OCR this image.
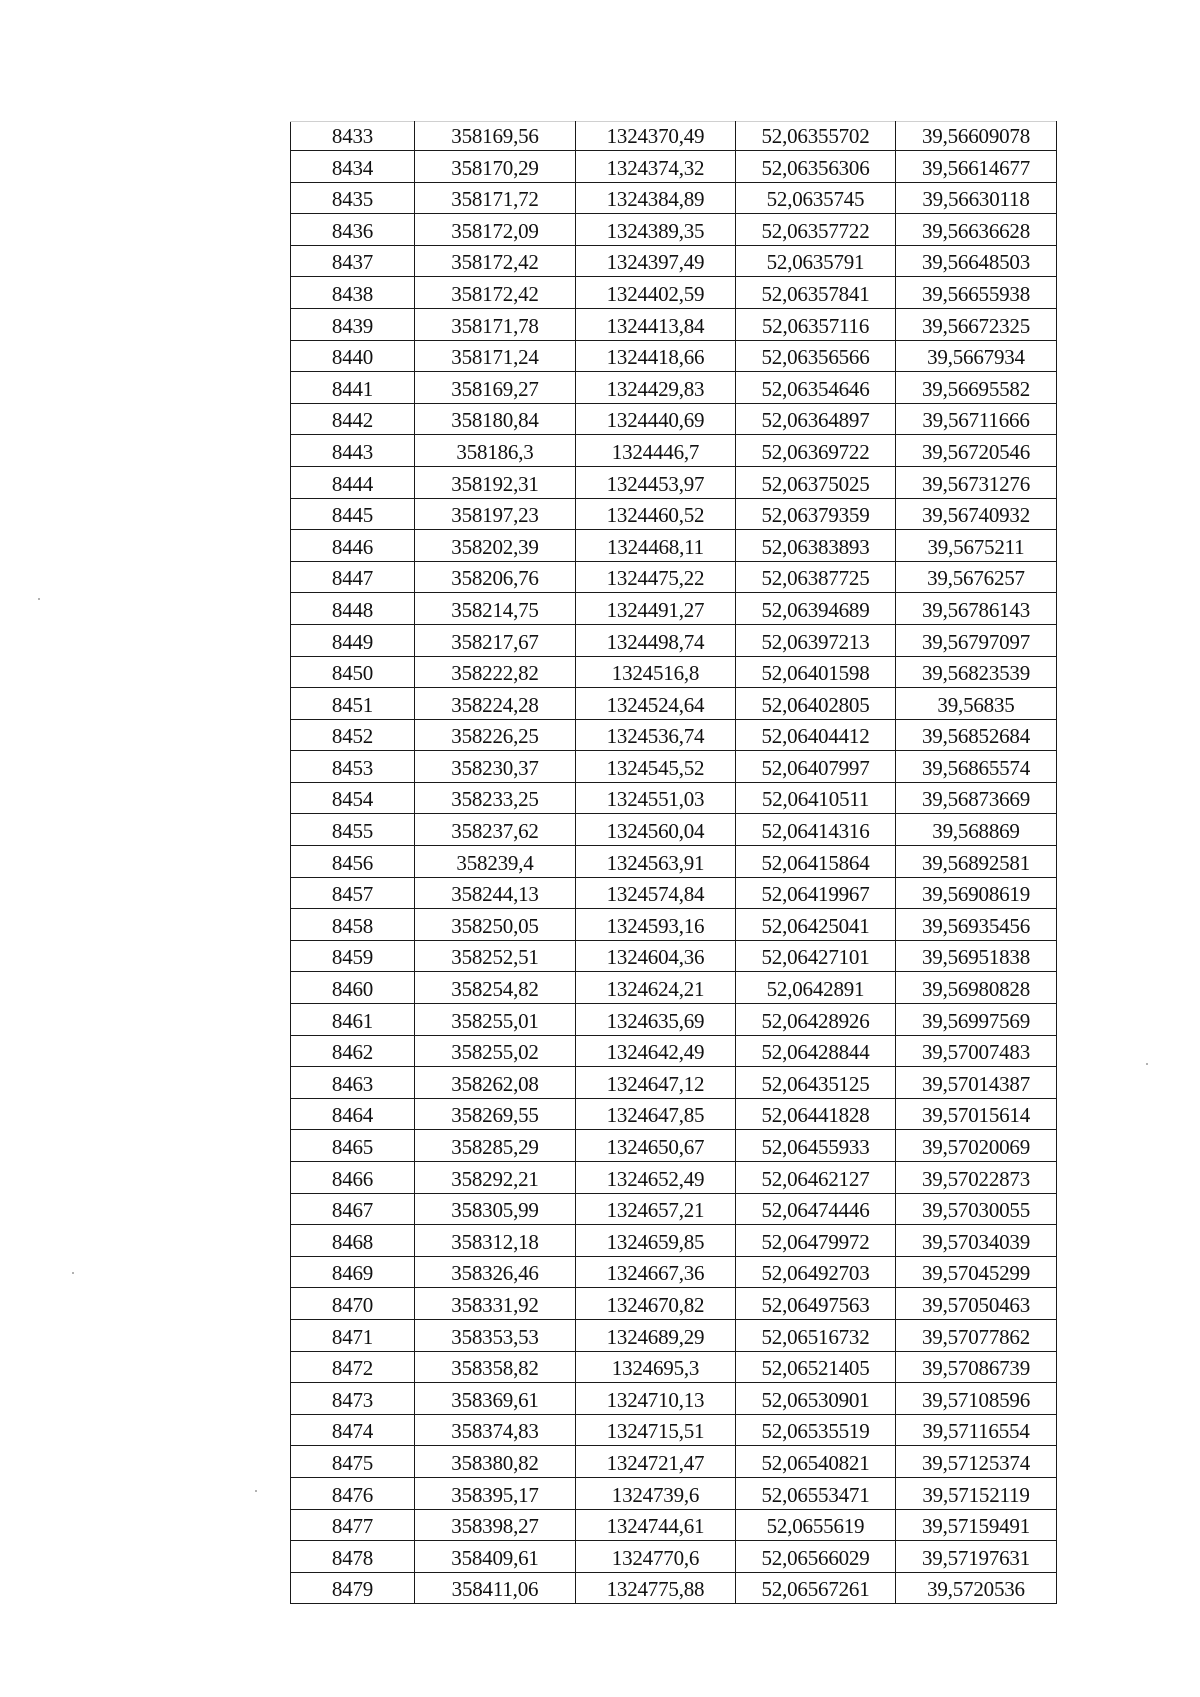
8433	358169,56	1324370,49	52,06355702	39,56609078
8434	358170,29	1324374,32	52,06356306	39,56614677
8435	358171,72	1324384,89	52,0635745	39,56630118
8436	358172,09	1324389,35	52,06357722	39,56636628
8437	358172,42	1324397,49	52,0635791	39,56648503
8438	358172,42	1324402,59	52,06357841	39,56655938
8439	358171,78	1324413,84	52,06357116	39,56672325
8440	358171,24	1324418,66	52,06356566	39,5667934
8441	358169,27	1324429,83	52,06354646	39,56695582
8442	358180,84	1324440,69	52,06364897	39,56711666
8443	358186,3	1324446,7	52,06369722	39,56720546
8444	358192,31	1324453,97	52,06375025	39,56731276
8445	358197,23	1324460,52	52,06379359	39,56740932
8446	358202,39	1324468,11	52,06383893	39,5675211
8447	358206,76	1324475,22	52,06387725	39,5676257
8448	358214,75	1324491,27	52,06394689	39,56786143
8449	358217,67	1324498,74	52,06397213	39,56797097
8450	358222,82	1324516,8	52,06401598	39,56823539
8451	358224,28	1324524,64	52,06402805	39,56835
8452	358226,25	1324536,74	52,06404412	39,56852684
8453	358230,37	1324545,52	52,06407997	39,56865574
8454	358233,25	1324551,03	52,06410511	39,56873669
8455	358237,62	1324560,04	52,06414316	39,568869
8456	358239,4	1324563,91	52,06415864	39,56892581
8457	358244,13	1324574,84	52,06419967	39,56908619
8458	358250,05	1324593,16	52,06425041	39,56935456
8459	358252,51	1324604,36	52,06427101	39,56951838
8460	358254,82	1324624,21	52,0642891	39,56980828
8461	358255,01	1324635,69	52,06428926	39,56997569
8462	358255,02	1324642,49	52,06428844	39,57007483
8463	358262,08	1324647,12	52,06435125	39,57014387
8464	358269,55	1324647,85	52,06441828	39,57015614
8465	358285,29	1324650,67	52,06455933	39,57020069
8466	358292,21	1324652,49	52,06462127	39,57022873
8467	358305,99	1324657,21	52,06474446	39,57030055
8468	358312,18	1324659,85	52,06479972	39,57034039
8469	358326,46	1324667,36	52,06492703	39,57045299
8470	358331,92	1324670,82	52,06497563	39,57050463
8471	358353,53	1324689,29	52,06516732	39,57077862
8472	358358,82	1324695,3	52,06521405	39,57086739
8473	358369,61	1324710,13	52,06530901	39,57108596
8474	358374,83	1324715,51	52,06535519	39,57116554
8475	358380,82	1324721,47	52,06540821	39,57125374
8476	358395,17	1324739,6	52,06553471	39,57152119
8477	358398,27	1324744,61	52,0655619	39,57159491
8478	358409,61	1324770,6	52,06566029	39,57197631
8479	358411,06	1324775,88	52,06567261	39,5720536
